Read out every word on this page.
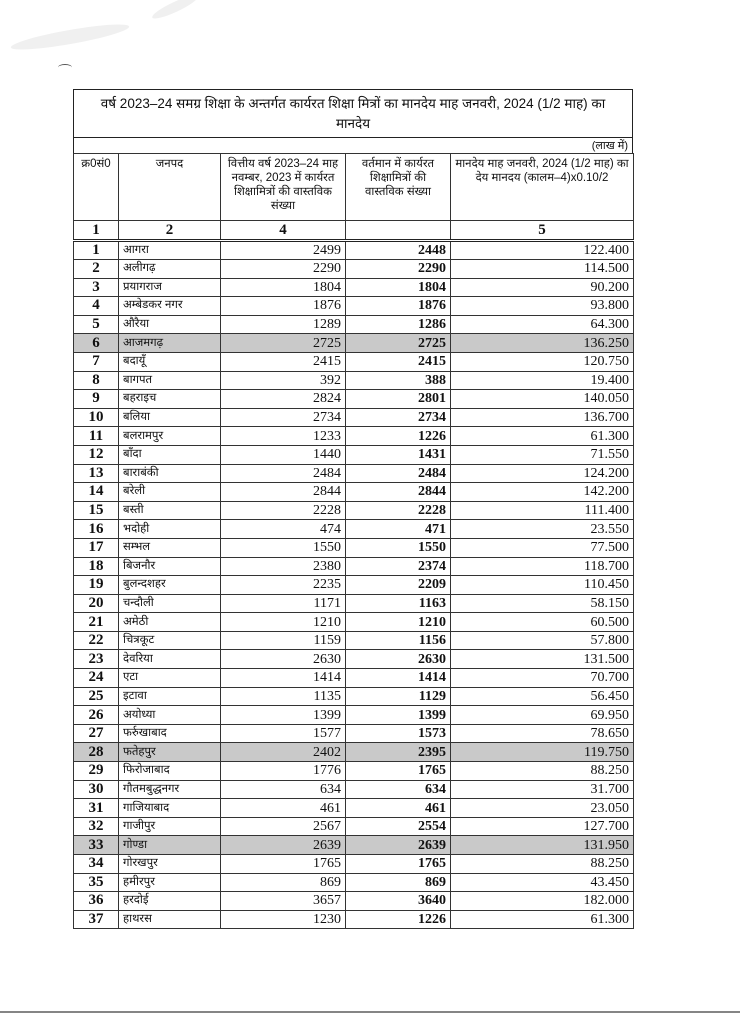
वर्ष 2023–24 समग्र शिक्षा के अन्तर्गत कार्यरत शिक्षा मित्रों का मानदेय माह जनवरी, 2024 (1/2 माह) का मानदेय
(लाख में)
क्र0सं0	जनपद	वित्तीय वर्ष 2023–24 माह नवम्बर, 2023 में कार्यरत शिक्षामित्रों की वास्तविक संख्या	वर्तमान में कार्यरत शिक्षामित्रों की वास्तविक संख्या	मानदेय माह जनवरी, 2024 (1/2 माह) का देय मानदय (कालम–4)x0.10/2
1	2	4		5
1	आगरा	2499	2448	122.400
2	अलीगढ़	2290	2290	114.500
3	प्रयागराज	1804	1804	90.200
4	अम्बेडकर नगर	1876	1876	93.800
5	औरैया	1289	1286	64.300
6	आजमगढ़	2725	2725	136.250
7	बदायूँ	2415	2415	120.750
8	बागपत	392	388	19.400
9	बहराइच	2824	2801	140.050
10	बलिया	2734	2734	136.700
11	बलरामपुर	1233	1226	61.300
12	बाँदा	1440	1431	71.550
13	बाराबंकी	2484	2484	124.200
14	बरेली	2844	2844	142.200
15	बस्ती	2228	2228	111.400
16	भदोही	474	471	23.550
17	सम्भल	1550	1550	77.500
18	बिजनौर	2380	2374	118.700
19	बुलन्दशहर	2235	2209	110.450
20	चन्दौली	1171	1163	58.150
21	अमेठी	1210	1210	60.500
22	चित्रकूट	1159	1156	57.800
23	देवरिया	2630	2630	131.500
24	एटा	1414	1414	70.700
25	इटावा	1135	1129	56.450
26	अयोध्या	1399	1399	69.950
27	फर्रुखाबाद	1577	1573	78.650
28	फतेहपुर	2402	2395	119.750
29	फिरोजाबाद	1776	1765	88.250
30	गौतमबुद्धनगर	634	634	31.700
31	गाजियाबाद	461	461	23.050
32	गाजीपुर	2567	2554	127.700
33	गोण्डा	2639	2639	131.950
34	गोरखपुर	1765	1765	88.250
35	हमीरपुर	869	869	43.450
36	हरदोई	3657	3640	182.000
37	हाथरस	1230	1226	61.300
